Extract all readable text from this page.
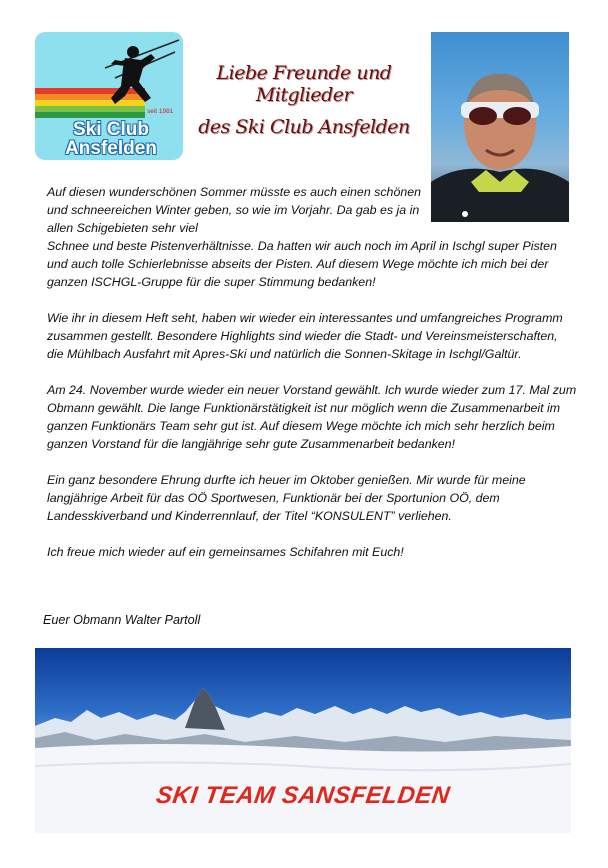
seit 1981
Ski Club
Ansfelden
Liebe Freunde und Mitglieder
des Ski Club Ansfelden

Auf diesen wunderschönen Sommer müsste es auch einen schönen und schneereichen Winter geben, so wie im Vorjahr. Da gab es ja in allen Schigebieten sehr viel

Schnee und beste Pistenverhältnisse. Da hatten wir auch noch im April in Ischgl super Pisten und auch tolle Schierlebnisse abseits der Pisten. Auf diesem Wege möchte ich mich bei der ganzen ISCHGL-Gruppe für die super Stimmung bedanken!

Wie ihr in diesem Heft seht, haben wir wieder ein interessantes und umfangreiches Programm zusammen gestellt. Besondere Highlights sind wieder die Stadt- und Vereinsmeisterschaften, die Mühlbach Ausfahrt mit Apres-Ski und natürlich die Sonnen-Skitage in Ischgl/Galtür.

Am 24. November wurde wieder ein neuer Vorstand gewählt. Ich wurde wieder zum 17. Mal zum Obmann gewählt. Die lange Funktionärstätigkeit ist nur möglich wenn die Zusammenarbeit im ganzen Funktionärs Team sehr gut ist. Auf diesem Wege möchte ich mich sehr herzlich beim ganzen Vorstand für die langjährige sehr gute Zusammenarbeit bedanken!

Ein ganz besondere Ehrung durfte ich heuer im Oktober genießen. Mir wurde für meine langjährige Arbeit für das OÖ Sportwesen, Funktionär bei der Sportunion OÖ, dem Landesskiverband und Kinderrennlauf, der Titel “KONSULENT” verliehen.

Ich freue mich wieder auf ein gemeinsames Schifahren mit Euch!

Euer Obmann Walter Partoll
SKI TEAM SANSFELDEN
